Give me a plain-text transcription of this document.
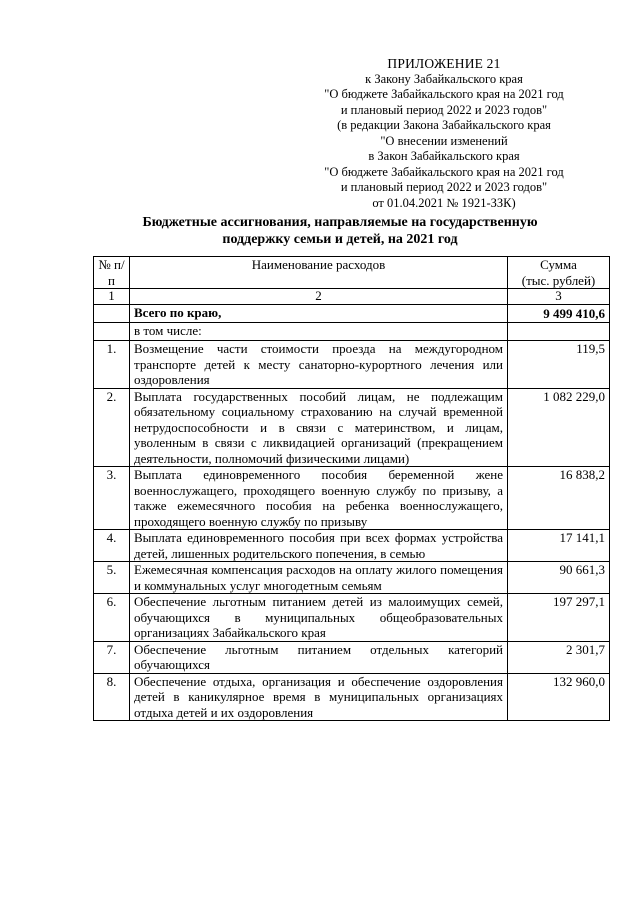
ПРИЛОЖЕНИЕ 21
к Закону Забайкальского края
"О бюджете Забайкальского края на 2021 год
и плановый период 2022 и 2023 годов"
(в редакции Закона Забайкальского края
"О внесении изменений
в Закон Забайкальского края
"О бюджете Забайкальского края на 2021 год
и плановый период 2022 и 2023 годов"
от 01.04.2021 № 1921-ЗЗК)
Бюджетные ассигнования, направляемые на государственную
поддержку семьи и детей, на 2021 год
№ п/п	Наименование расходов	Сумма
(тыс. рублей)

1	2	3
	Всего по краю,	9 499 410,6
	в том числе:	
1.	Возмещение части стоимости проезда на междугородном транспорте детей к месту санаторно-курортного лечения или оздоровления	119,5
2.	Выплата государственных пособий лицам, не подлежащим обязательному социальному страхованию на случай временной нетрудоспособности и в связи с материнством, и лицам, уволенным в связи с ликвидацией организаций (прекращением деятельности, полномочий физическими лицами)	1 082 229,0
3.	Выплата единовременного пособия беременной жене военнослужащего, проходящего военную службу по призыву, а также ежемесячного пособия на ребенка военнослужащего, проходящего военную службу по призыву	16 838,2
4.	Выплата единовременного пособия при всех формах устройства детей, лишенных родительского попечения, в семью	17 141,1
5.	Ежемесячная компенсация расходов на оплату жилого помещения и коммунальных услуг многодетным семьям	90 661,3
6.	Обеспечение льготным питанием детей из малоимущих семей, обучающихся в муниципальных общеобразовательных организациях Забайкальского края	197 297,1
7.	Обеспечение льготным питанием отдельных категорий обучающихся	2 301,7
8.	Обеспечение отдыха, организация и обеспечение оздоровления детей в каникулярное время в муниципальных организациях отдыха детей и их оздоровления	132 960,0
